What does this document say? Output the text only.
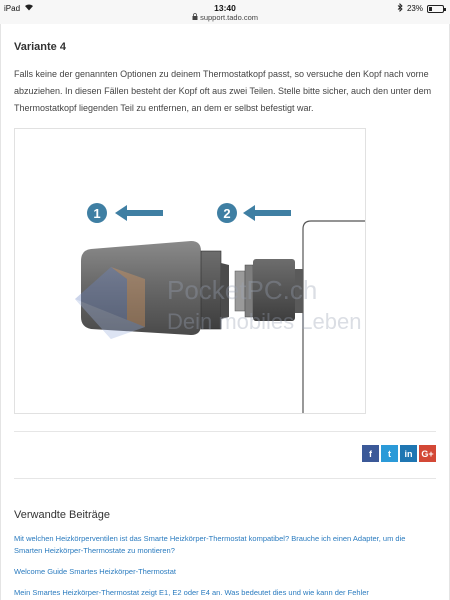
iPad	13:40
support.tado.com
23%
Variante 4

Falls keine der genannten Optionen zu deinem Thermostatkopf passt, so versuche den Kopf nach vorne abzuziehen. In diesen Fällen besteht der Kopf oft aus zwei Teilen. Stelle bitte sicher, auch den unter dem Thermostatkopf liegenden Teil zu entfernen, an dem er selbst befestigt war.

PocketPC.ch
Dein mobiles Leben
1	2
f t in G+
Verwandte Beiträge
Mit welchen Heizkörperventilen ist das Smarte Heizkörper-Thermostat kompatibel? Brauche ich einen Adapter, um die Smarten Heizkörper-Thermostate zu montieren?
Welcome Guide Smartes Heizkörper-Thermostat
Mein Smartes Heizkörper-Thermostat zeigt E1, E2 oder E4 an. Was bedeutet dies und wie kann der Fehler
